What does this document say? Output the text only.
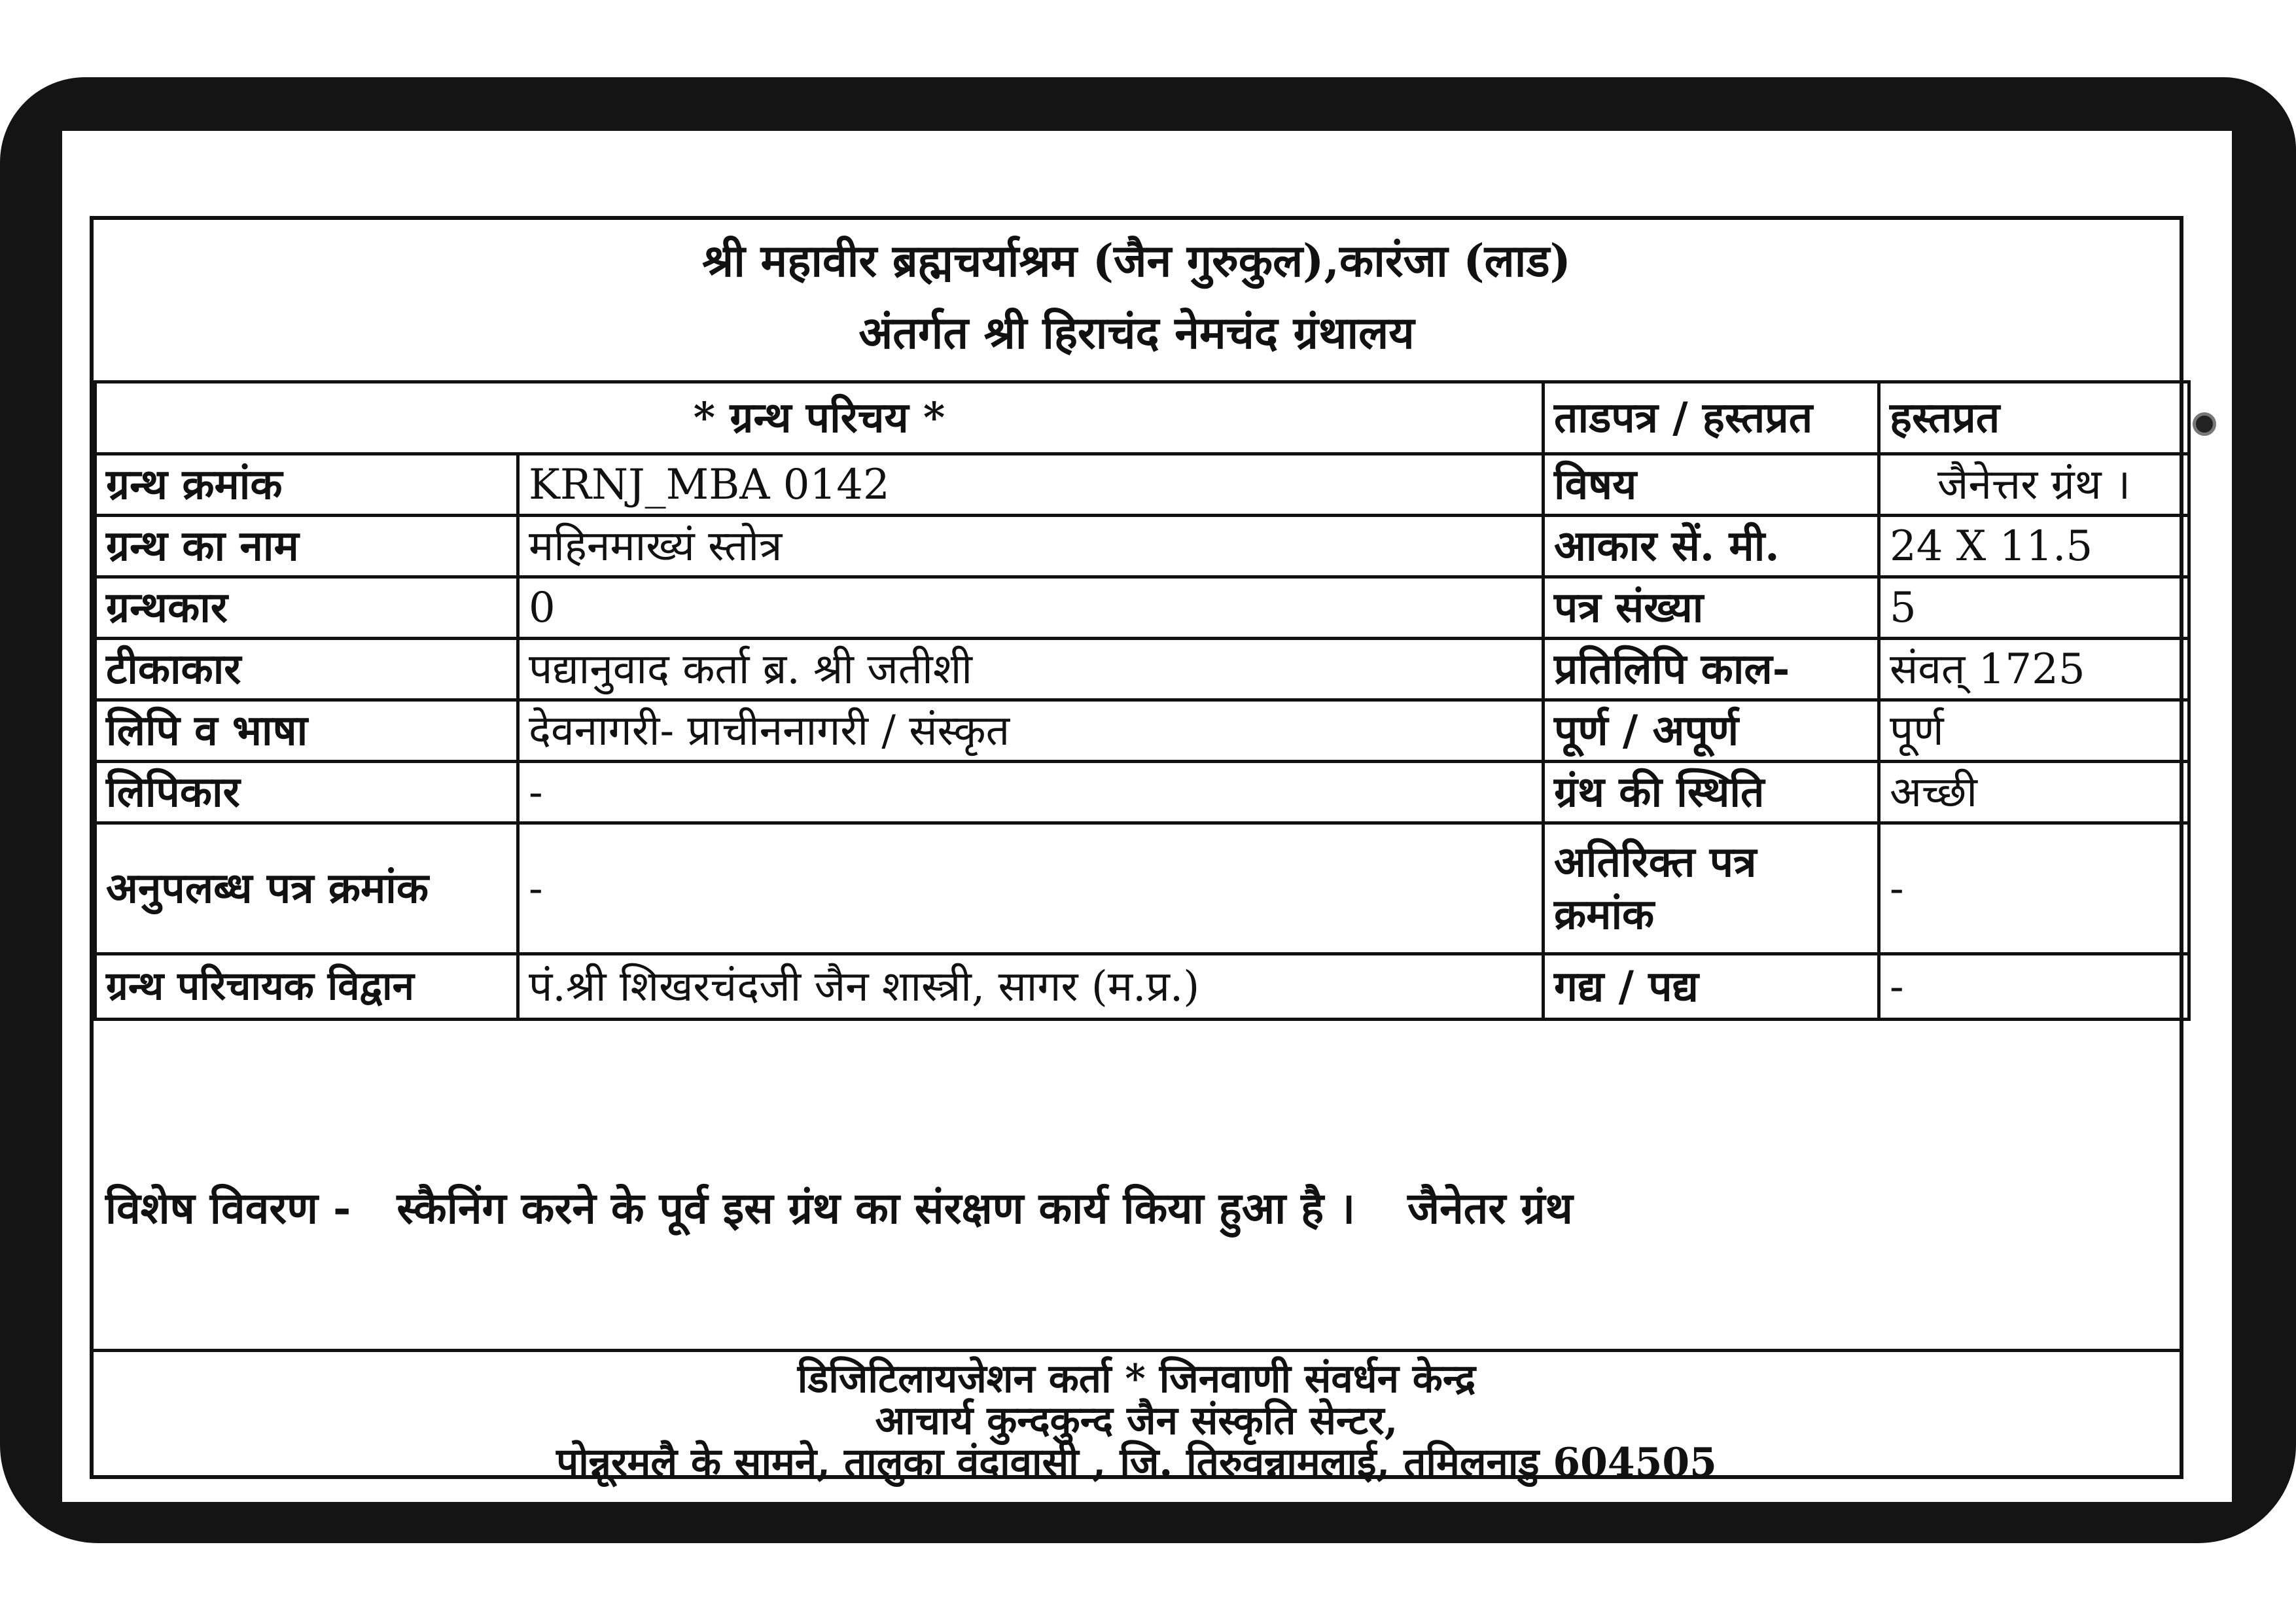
श्री महावीर ब्रह्मचर्याश्रम (जैन गुरुकुल),कारंजा (लाड)
अंतर्गत श्री हिराचंद नेमचंद ग्रंथालय
* ग्रन्थ परिचय *		ताडपत्र / हस्तप्रत	हस्तप्रत
ग्रन्थ क्रमांक	KRNJ_MBA 0142	विषय	जैनेत्तर ग्रंथ ।
ग्रन्थ का नाम	महिनमाख्यं स्तोत्र	आकार सें. मी.	24 X 11.5
ग्रन्थकार	0	पत्र संख्या	5
टीकाकार	पद्यानुवाद कर्ता ब्र. श्री जतीशी	प्रतिलिपि काल-	संवत् 1725
लिपि व भाषा	देवनागरी- प्राचीननागरी / संस्कृत	पूर्ण / अपूर्ण	पूर्ण
लिपिकार	-	ग्रंथ की स्थिति	अच्छी
अनुपलब्ध पत्र क्रमांक	-	अतिरिक्त पत्र क्रमांक	-
ग्रन्थ परिचायक विद्वान	पं.श्री शिखरचंदजी जैन शास्त्री, सागर (म.प्र.)	गद्य / पद्य	-
विशेष विवरण - स्कैनिंग करने के पूर्व इस ग्रंथ का संरक्षण कार्य किया हुआ है । जैनेतर ग्रंथ
डिजिटिलायजेशन कर्ता * जिनवाणी संवर्धन केन्द्र
आचार्य कुन्दकुन्द जैन संस्कृति सेन्टर,
पोन्नूरमलै के सामने, तालुका वंदावासी , जि. तिरुवन्नामलाई, तमिलनाडु 604505
